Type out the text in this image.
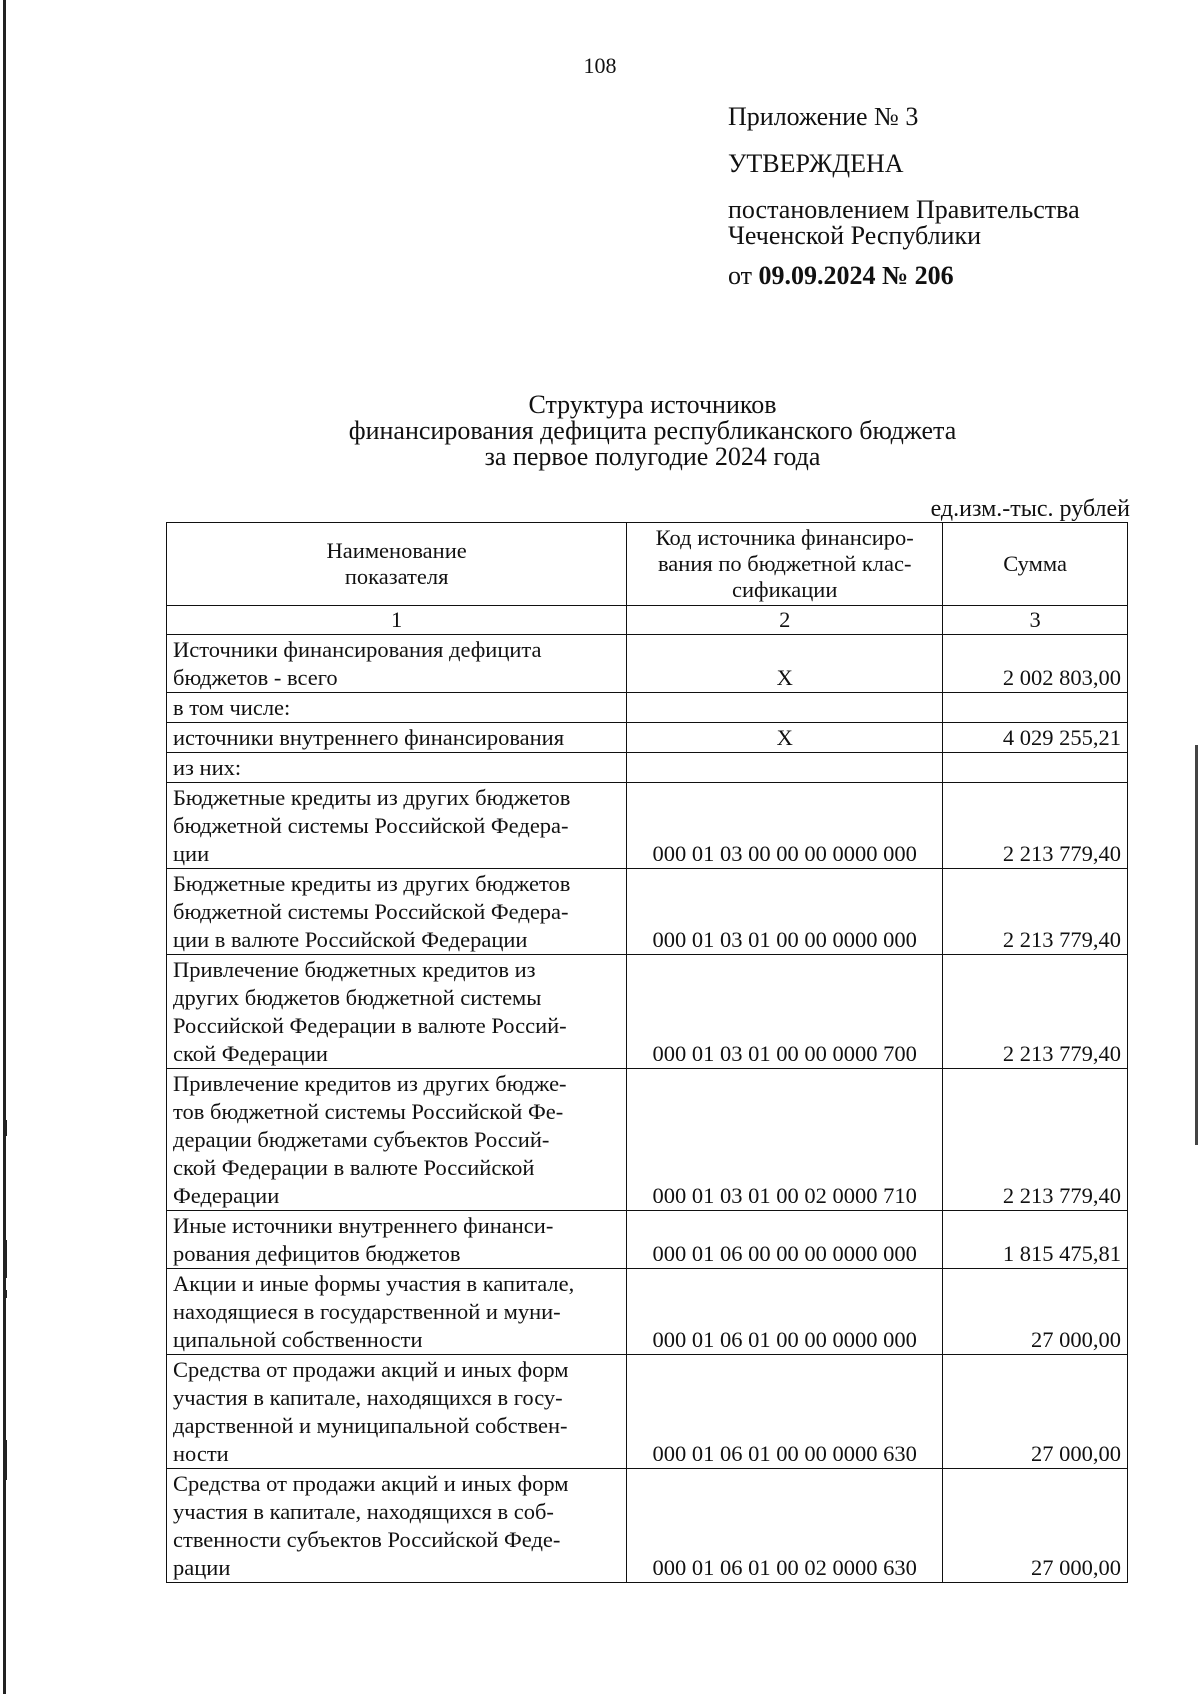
108
Приложение № 3
УТВЕРЖДЕНА
постановлением Правительства
Чеченской Республики
от 09.09.2024 № 206
Структура источников
финансирования дефицита республиканского бюджета
за первое полугодие 2024 года
ед.изм.-тыс. рублей
Наименование показателя	Код источника финансиро-вания по бюджетной клас-сификации	Сумма
1	2	3
Источники финансирования дефицита
бюджетов - всего	X	2 002 803,00
в том числе:		
источники внутреннего финансирования	X	4 029 255,21
из них:		
Бюджетные кредиты из других бюджетов
бюджетной системы Российской Федера-
ции	000 01 03 00 00 00 0000 000	2 213 779,40
Бюджетные кредиты из других бюджетов
бюджетной системы Российской Федера-
ции в валюте Российской Федерации	000 01 03 01 00 00 0000 000	2 213 779,40
Привлечение бюджетных кредитов из
других бюджетов бюджетной системы
Российской Федерации в валюте Россий-
ской Федерации	000 01 03 01 00 00 0000 700	2 213 779,40
Привлечение кредитов из других бюдже-
тов бюджетной системы Российской Фе-
дерации бюджетами субъектов Россий-
ской Федерации в валюте Российской
Федерации	000 01 03 01 00 02 0000 710	2 213 779,40
Иные источники внутреннего финанси-
рования дефицитов бюджетов	000 01 06 00 00 00 0000 000	1 815 475,81
Акции и иные формы участия в капитале,
находящиеся в государственной и муни-
ципальной собственности	000 01 06 01 00 00 0000 000	27 000,00
Средства от продажи акций и иных форм
участия в капитале, находящихся в госу-
дарственной и муниципальной собствен-
ности	000 01 06 01 00 00 0000 630	27 000,00
Средства от продажи акций и иных форм
участия в капитале, находящихся в соб-
ственности субъектов Российской Феде-
рации	000 01 06 01 00 02 0000 630	27 000,00
